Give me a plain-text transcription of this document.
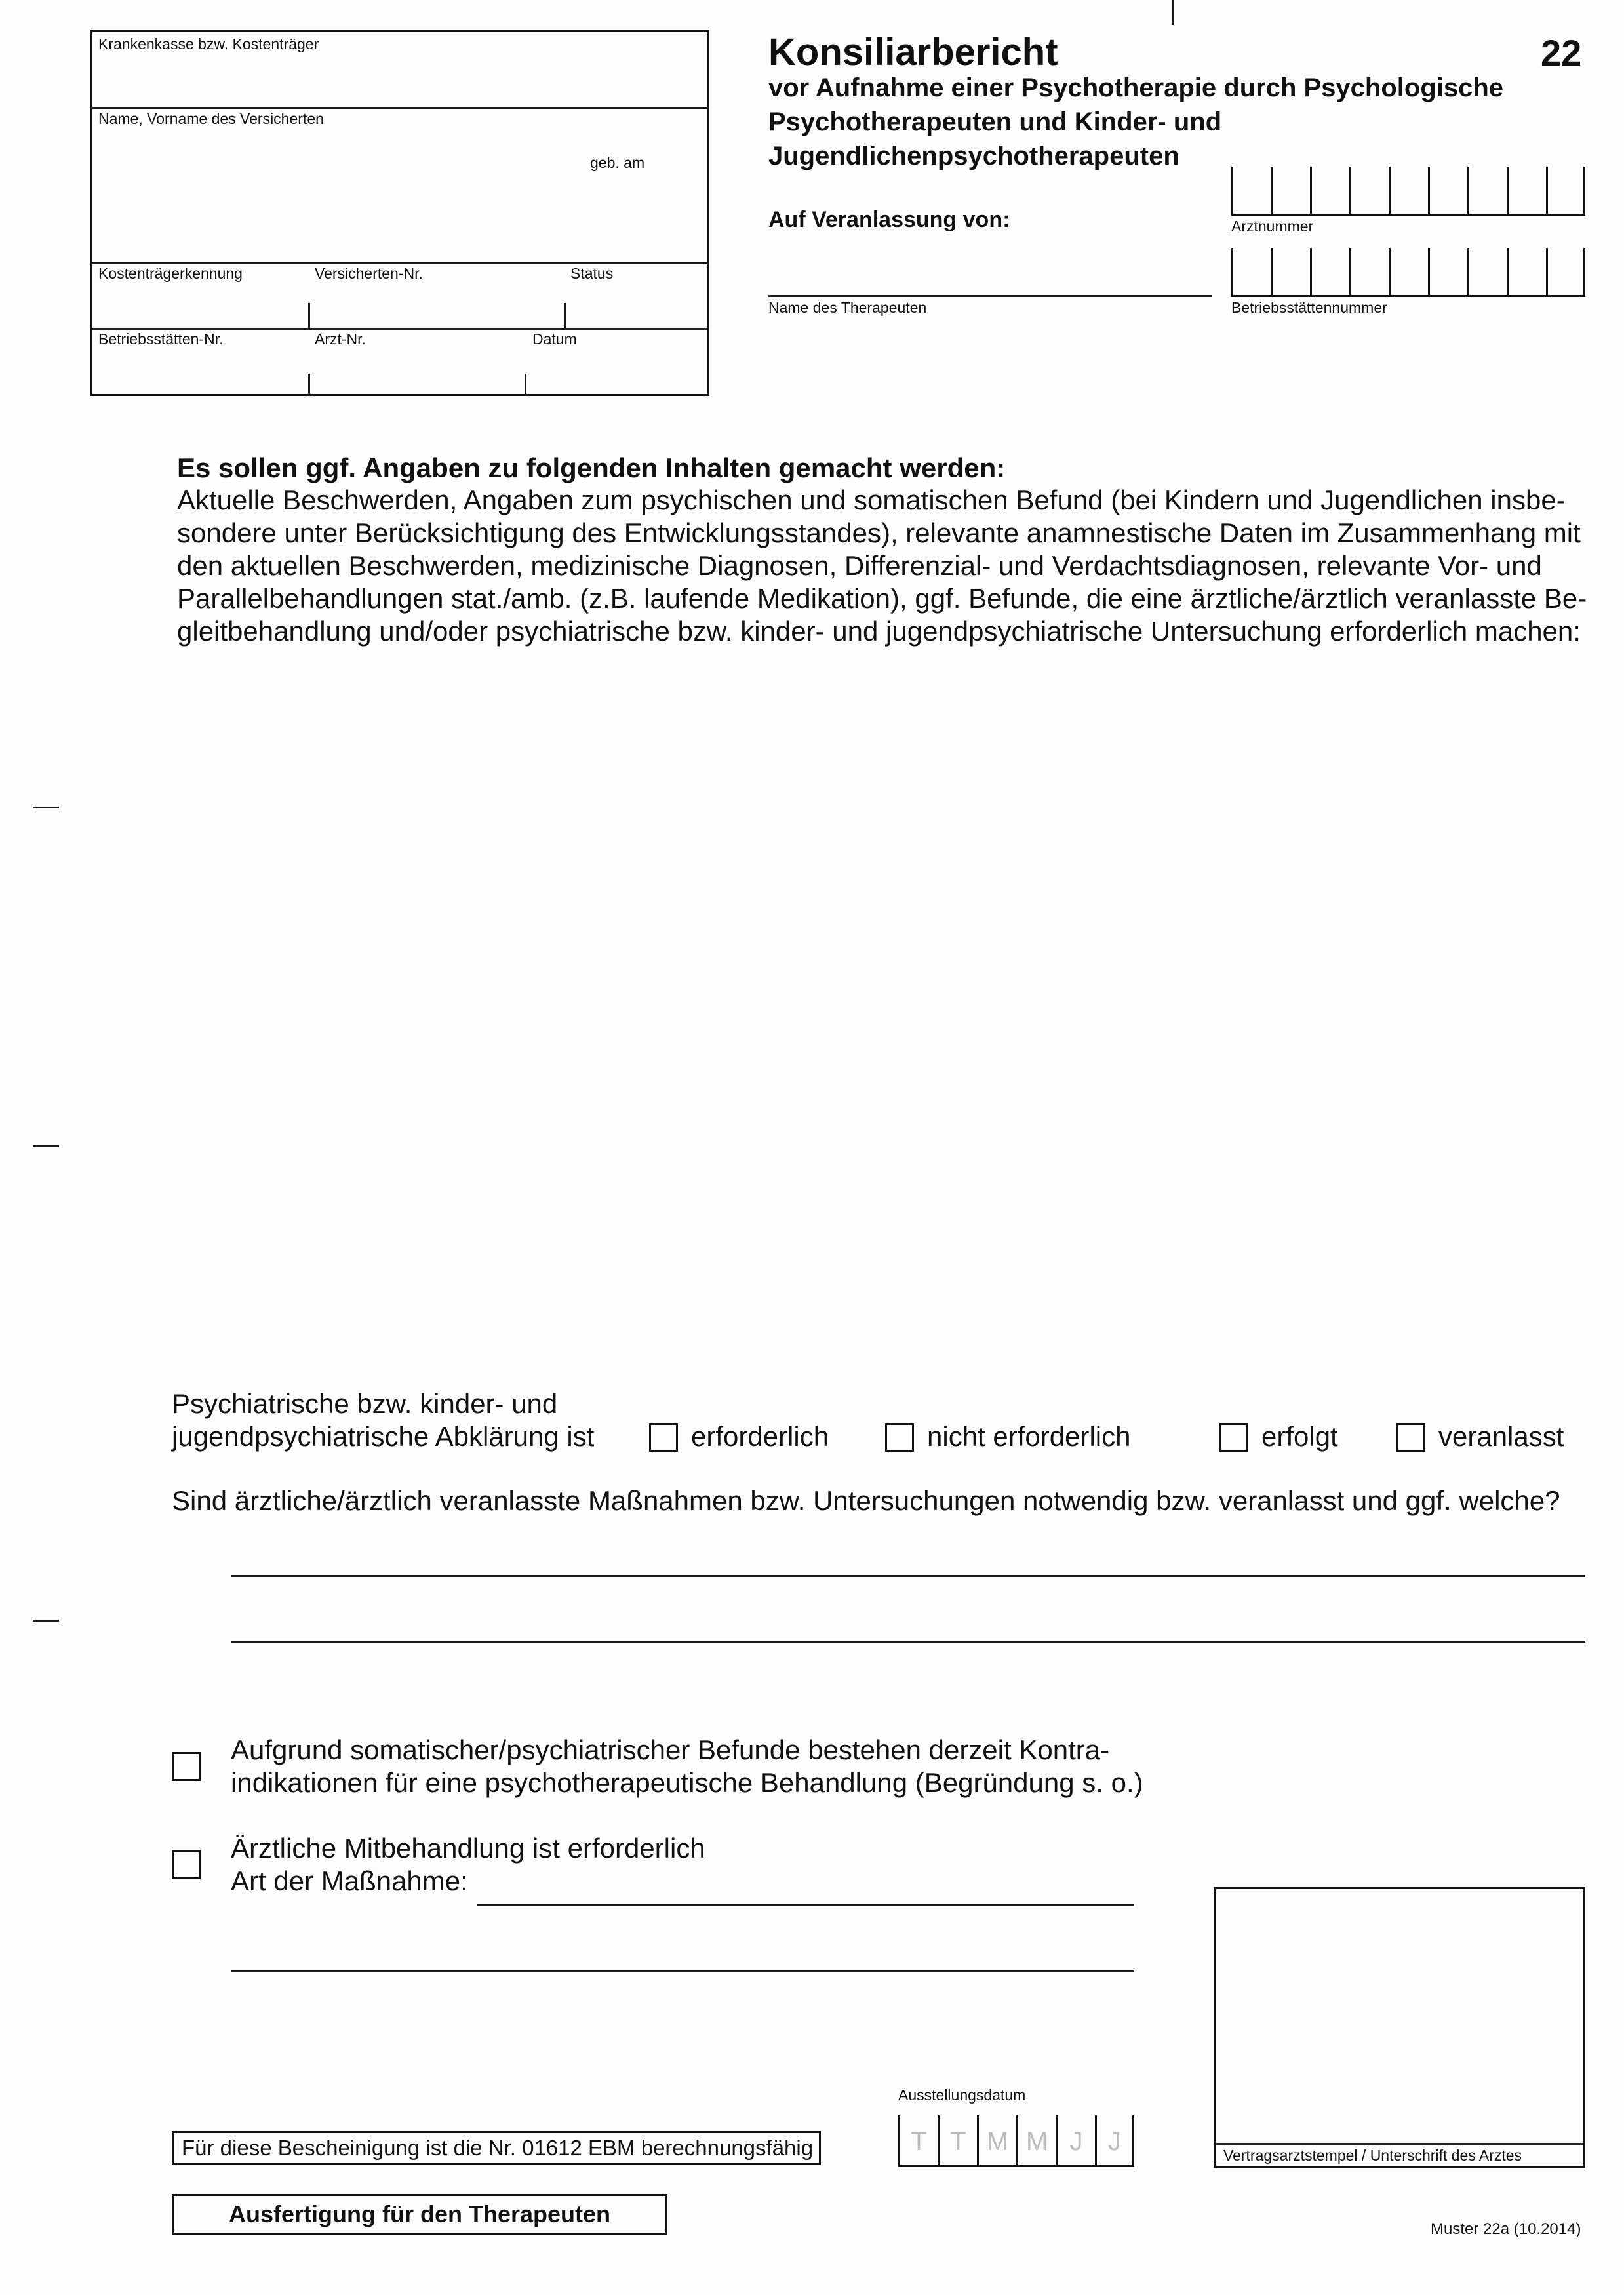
Krankenkasse bzw. Kostenträger
Name, Vorname des Versicherten
geb. am
Kostenträgerkennung	Versicherten-Nr.	Status
Betriebsstätten-Nr.	Arzt-Nr.	Datum
Konsiliarbericht	22
vor Aufnahme einer Psychotherapie durch Psychologische
Psychotherapeuten und Kinder- und
Jugendlichenpsychotherapeuten
Auf Veranlassung von:	Arztnummer
Name des Therapeuten	Betriebsstättennummer
Es sollen ggf. Angaben zu folgenden Inhalten gemacht werden:
Aktuelle Beschwerden, Angaben zum psychischen und somatischen Befund (bei Kindern und Jugendlichen insbe-
sondere unter Berücksichtigung des Entwicklungsstandes), relevante anamnestische Daten im Zusammenhang mit
den aktuellen Beschwerden, medizinische Diagnosen, Differenzial- und Verdachtsdiagnosen, relevante Vor- und
Parallelbehandlungen stat./amb. (z.B. laufende Medikation), ggf. Befunde, die eine ärztliche/ärztlich veranlasste Be-
gleitbehandlung und/oder psychiatrische bzw. kinder- und jugendpsychiatrische Untersuchung erforderlich machen:
Psychiatrische bzw. kinder- und
jugendpsychiatrische Abklärung ist	erforderlich	nicht erforderlich	erfolgt	veranlasst
Sind ärztliche/ärztlich veranlasste Maßnahmen bzw. Untersuchungen notwendig bzw. veranlasst und ggf. welche?
Aufgrund somatischer/psychiatrischer Befunde bestehen derzeit Kontra-
indikationen für eine psychotherapeutische Behandlung (Begründung s. o.)
Ärztliche Mitbehandlung ist erforderlich
Art der Maßnahme:
Vertragsarztstempel / Unterschrift des Arztes
Ausstellungsdatum
T T M M J J
Für diese Bescheinigung ist die Nr. 01612 EBM berechnungsfähig
Ausfertigung für den Therapeuten
Muster 22a (10.2014)
